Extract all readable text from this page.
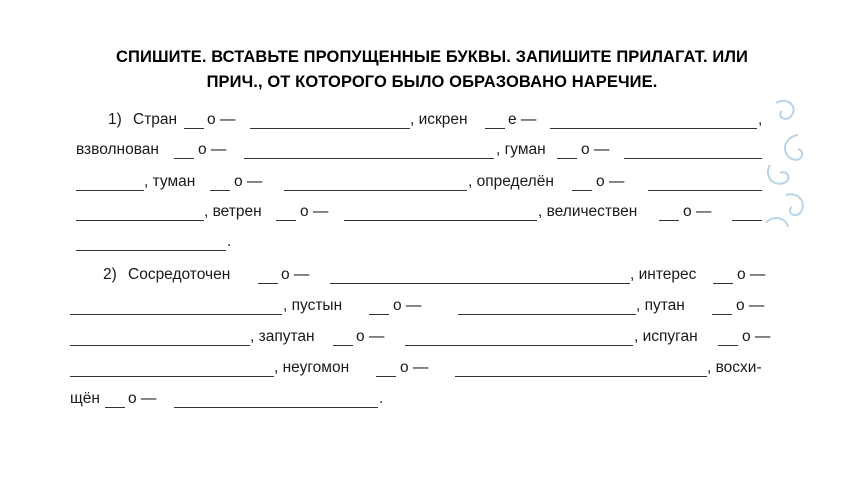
СПИШИТЕ. ВСТАВЬТЕ ПРОПУЩЕННЫЕ БУКВЫ. ЗАПИШИТЕ ПРИЛАГАТ. ИЛИ
ПРИЧ., ОТ КОТОРОГО БЫЛО ОБРАЗОВАНО НАРЕЧИЕ.
1) Стран о —	, искрен	е —	,
взволнован	о —	, гуман о —
, туман о —	, определён	о —
, ветрен о —	, величествен	о —
.
2) Сосредоточен	о —	, интерес	о —
, пустын	о —	, путан	о —
, запутан	о —	, испуган	о —
, неугомон	о —	, восхи-
щён о —	.
